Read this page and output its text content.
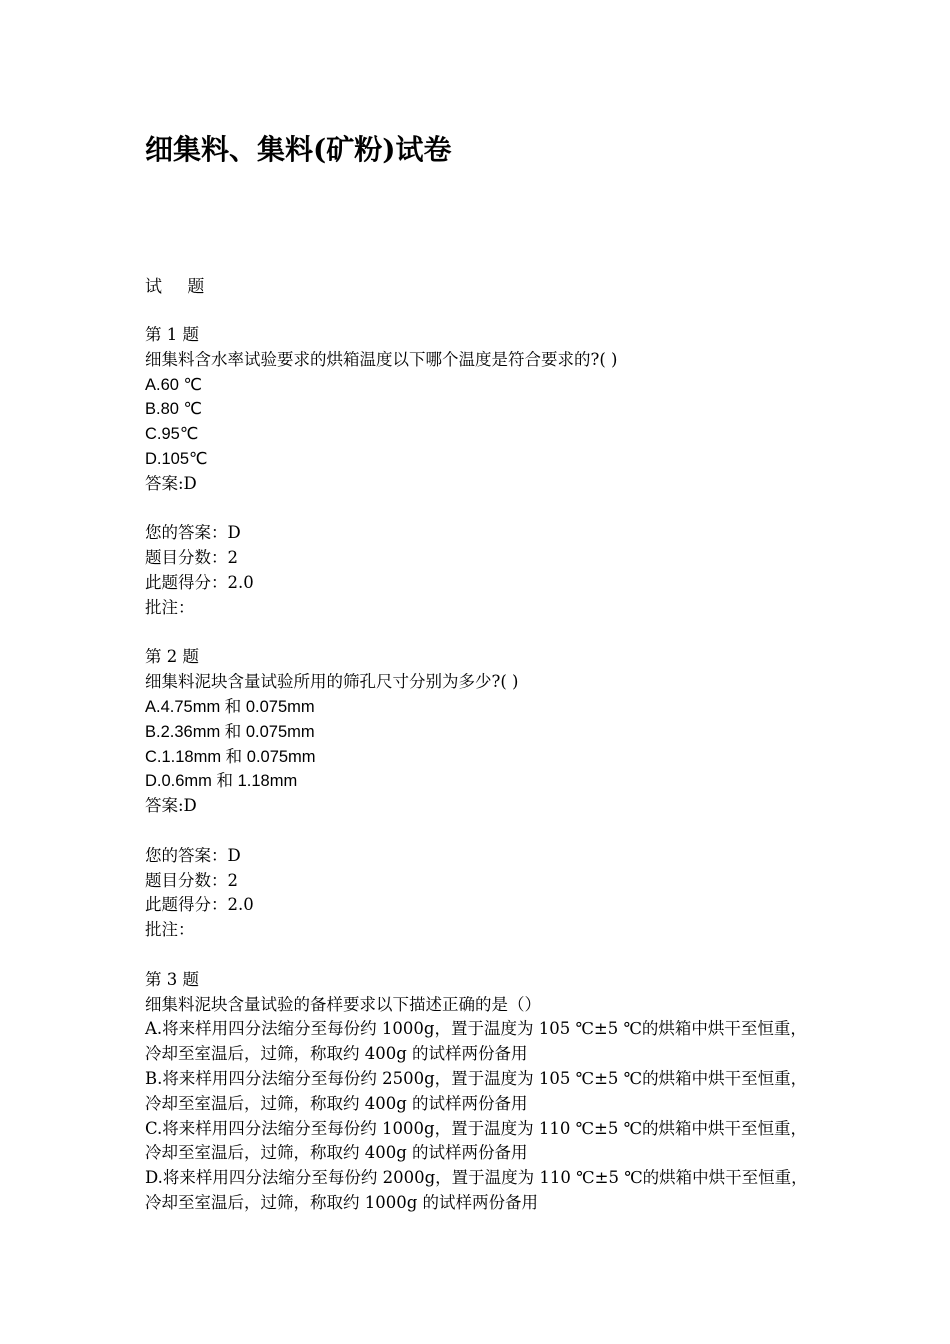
细集料、集料(矿粉)试卷
试 题
第 1 题
细集料含水率试验要求的烘箱温度以下哪个温度是符合要求的?( )
A.60 ℃
B.80 ℃
C.95℃
D.105℃
答案:D
您的答案：D
题目分数：2
此题得分：2.0
批注：
第 2 题
细集料泥块含量试验所用的筛孔尺寸分别为多少?( )
A.4.75mm 和 0.075mm
B.2.36mm 和 0.075mm
C.1.18mm 和 0.075mm
D.0.6mm 和 1.18mm
答案:D
您的答案：D
题目分数：2
此题得分：2.0
批注：
第 3 题
细集料泥块含量试验的备样要求以下描述正确的是（）
A.将来样用四分法缩分至每份约 1000g，置于温度为 105 ℃±5 ℃的烘箱中烘干至恒重，冷却至室温后，过筛，称取约 400g 的试样两份备用
B.将来样用四分法缩分至每份约 2500g，置于温度为 105 ℃±5 ℃的烘箱中烘干至恒重，冷却至室温后，过筛，称取约 400g 的试样两份备用
C.将来样用四分法缩分至每份约 1000g，置于温度为 110 ℃±5 ℃的烘箱中烘干至恒重，冷却至室温后，过筛，称取约 400g 的试样两份备用
D.将来样用四分法缩分至每份约 2000g，置于温度为 110 ℃±5 ℃的烘箱中烘干至恒重，冷却至室温后，过筛，称取约 1000g 的试样两份备用
